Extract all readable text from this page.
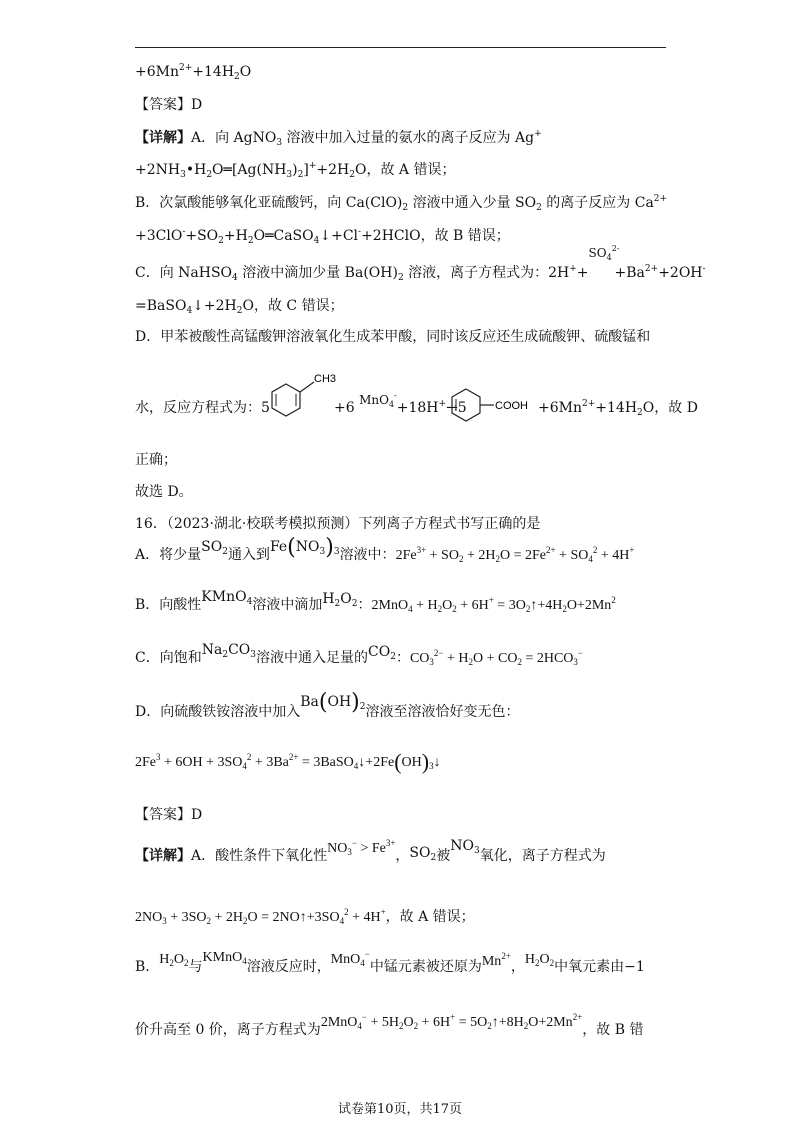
$+6Mn^{2+}+14H_2O$
【答案】D
【详解】A．向 AgNO$_3$ 溶液中加入过量的氨水的离子反应为 Ag+
$+2NH_3•H_2O═[Ag(NH_3)_2]^++2H_2O$，故 A 错误；
B．次氯酸能够氧化亚硫酸钙，向 $Ca(ClO)_2$ 溶液中通入少量 $SO_2$ 的离子反应为 $Ca^{2+}$
$+3ClO^-+SO_2+H_2O═CaSO_4↓+Cl^-+2HClO$，故 B 错误；
C．向 NaHSO$_4$ 溶液中滴加少量 $Ba(OH)_2$ 溶液，离子方程式为：2H++
$SO_4^{2-}$
$+Ba^{2+}+2OH^-$
$=BaSO_4↓+2H_2O$，故 C 错误；
D．甲苯被酸性高锰酸钾溶液氧化生成苯甲酸，同时该反应还生成硫酸钾、硫酸锰和
水，反应方程式为：5
CH3
+6 MnO$_4$-+18H+→5	COOH $+6Mn^{2+}+14H_2O$，故 D
正确；
故选 D。
16．（2023·湖北·校联考模拟预测）下列离子方程式书写正确的是
A．将少量$SO_2$通入到$Fe(NO_3)_3$溶液中：$2Fe^{3+} + SO_2 + 2H_2O = 2Fe^{2+} + SO_4^2 + 4H^+$
B．向酸性KMnO$_4$溶液中滴加$H_2O_2$：$2MnO_4 + H_2O_2 + 6H^+$ = $3O_2↑+4H_2O+2Mn^2$
C．向饱和$Na_2CO_3$溶液中通入足量的$CO_2$：$CO_3^{2-} + H_2O + CO_2 = 2HCO_3^-$
D．向硫酸铁铵溶液中加入$Ba(OH)_2$溶液至溶液恰好变无色：
$2Fe^3 + 6OH + 3SO_4^2 + 3Ba^{2+}$ = $3BaSO_4↓+2Fe(OH)_3↓$
【答案】D
【详解】A．酸性条件下氧化性$NO_3^- > Fe^{3+}$，$SO_2$被$NO_3$氧化，离子方程式为
$2NO_3 + 3SO_2 + 2H_2O$ = $2NO↑+3SO_4^2 + 4H^+$，故 A 错误；
B．$H_2O_2$与KMnO$_4$溶液反应时，MnO$_4$−中锰元素被还原为$Mn^{2+}$，$H_2O_2$中氧元素由−1
价升高至 0 价，离子方程式为$2MnO_4^- + 5H_2O_2 + 6H^+$ = $5O_2↑+8H_2O+2Mn^{2+}$，故 B 错
试卷第10页，共17页
